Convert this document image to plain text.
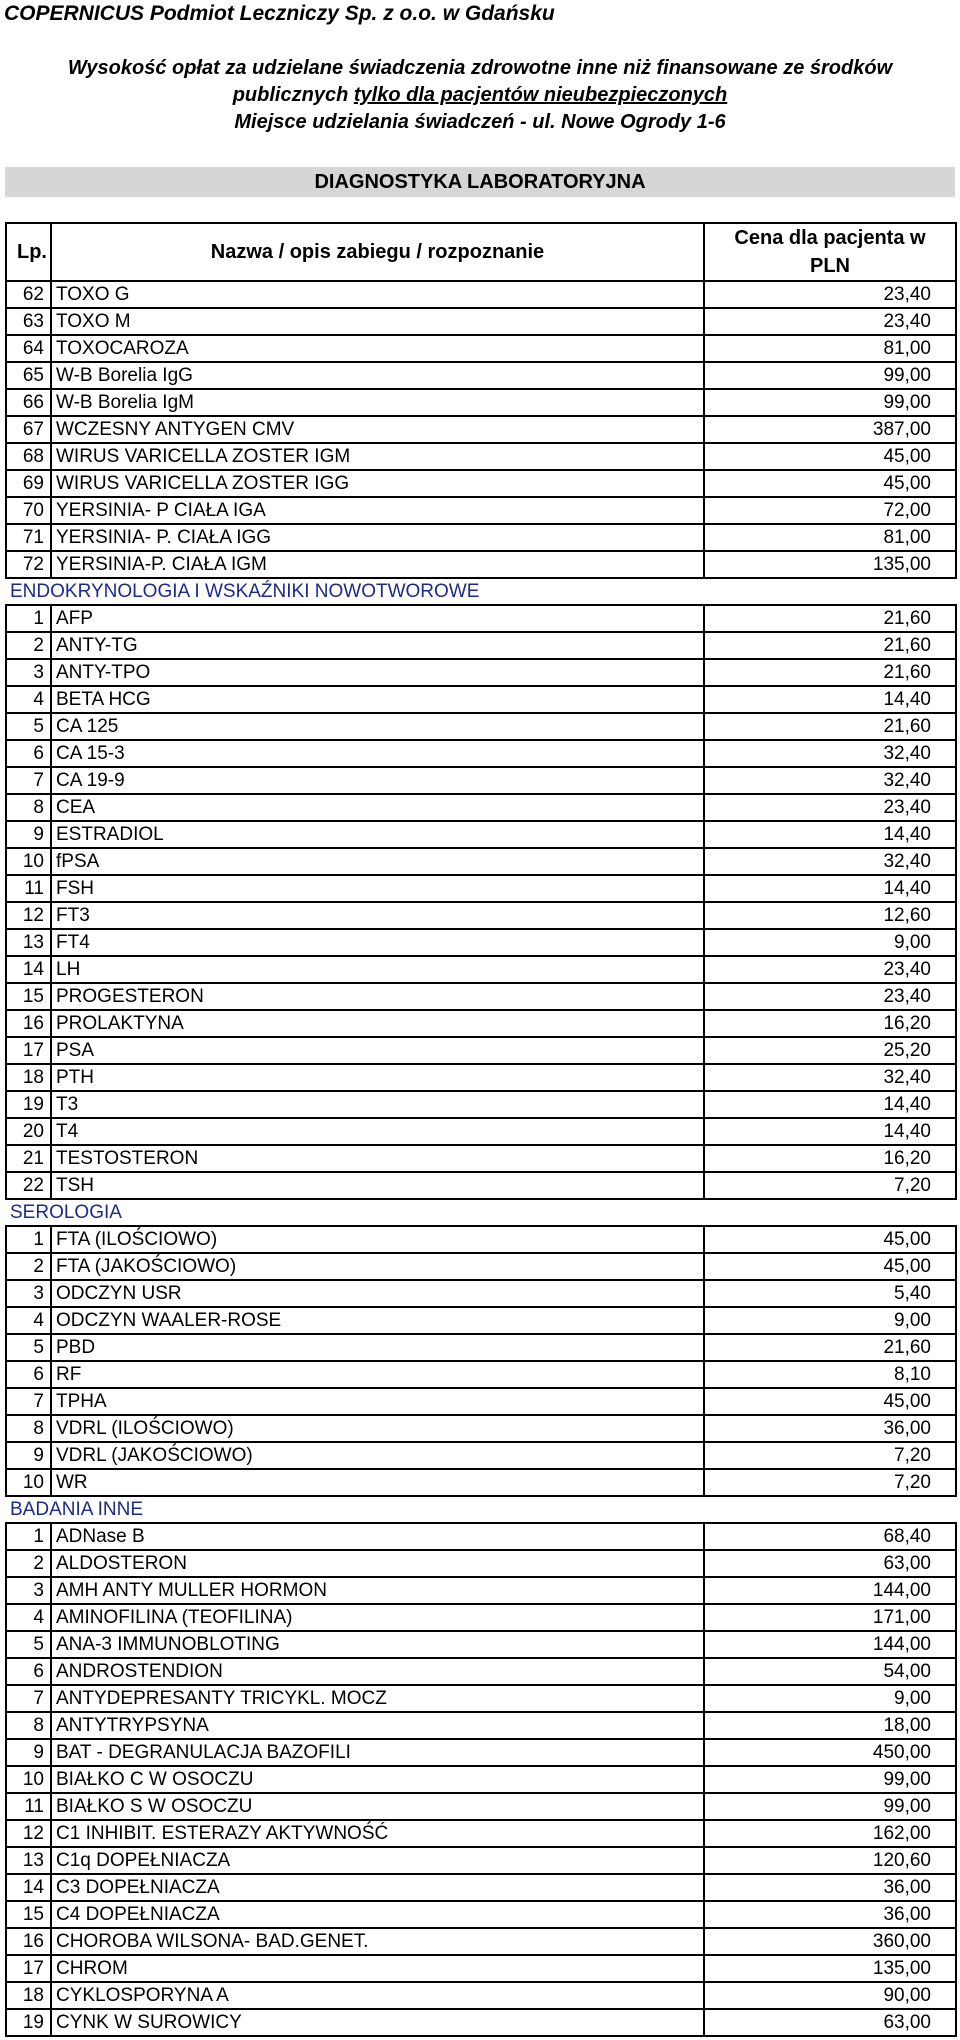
COPERNICUS Podmiot Leczniczy Sp. z o.o. w Gdańsku
Wysokość opłat za udzielane świadczenia zdrowotne inne niż finansowane ze środków
publicznych tylko dla pacjentów nieubezpieczonych
Miejsce udzielania świadczeń - ul. Nowe Ogrody 1-6
DIAGNOSTYKA LABORATORYJNA
Lp.	Nazwa / opis zabiegu / rozpoznanie	Cena dla pacjenta w
PLN
62	TOXO G	23,40
63	TOXO M	23,40
64	TOXOCAROZA	81,00
65	W-B Borelia IgG	99,00
66	W-B Borelia IgM	99,00
67	WCZESNY ANTYGEN CMV	387,00
68	WIRUS VARICELLA ZOSTER IGM	45,00
69	WIRUS VARICELLA ZOSTER IGG	45,00
70	YERSINIA- P CIAŁA IGA	72,00
71	YERSINIA- P. CIAŁA IGG	81,00
72	YERSINIA-P. CIAŁA IGM	135,00
ENDOKRYNOLOGIA I WSKAŹNIKI NOWOTWOROWE		
1	AFP	21,60
2	ANTY-TG	21,60
3	ANTY-TPO	21,60
4	BETA HCG	14,40
5	CA 125	21,60
6	CA 15-3	32,40
7	CA 19-9	32,40
8	CEA	23,40
9	ESTRADIOL	14,40
10	fPSA	32,40
11	FSH	14,40
12	FT3	12,60
13	FT4	9,00
14	LH	23,40
15	PROGESTERON	23,40
16	PROLAKTYNA	16,20
17	PSA	25,20
18	PTH	32,40
19	T3	14,40
20	T4	14,40
21	TESTOSTERON	16,20
22	TSH	7,20
SEROLOGIA		
1	FTA (ILOŚCIOWO)	45,00
2	FTA (JAKOŚCIOWO)	45,00
3	ODCZYN USR	5,40
4	ODCZYN WAALER-ROSE	9,00
5	PBD	21,60
6	RF	8,10
7	TPHA	45,00
8	VDRL (ILOŚCIOWO)	36,00
9	VDRL (JAKOŚCIOWO)	7,20
10	WR	7,20
BADANIA INNE		
1	ADNase B	68,40
2	ALDOSTERON	63,00
3	AMH ANTY MULLER HORMON	144,00
4	AMINOFILINA (TEOFILINA)	171,00
5	ANA-3 IMMUNOBLOTING	144,00
6	ANDROSTENDION	54,00
7	ANTYDEPRESANTY TRICYKL. MOCZ	9,00
8	ANTYTRYPSYNA	18,00
9	BAT - DEGRANULACJA BAZOFILI	450,00
10	BIAŁKO C W OSOCZU	99,00
11	BIAŁKO S W OSOCZU	99,00
12	C1 INHIBIT. ESTERAZY AKTYWNOŚĆ	162,00
13	C1q DOPEŁNIACZA	120,60
14	C3 DOPEŁNIACZA	36,00
15	C4 DOPEŁNIACZA	36,00
16	CHOROBA WILSONA- BAD.GENET.	360,00
17	CHROM	135,00
18	CYKLOSPORYNA A	90,00
19	CYNK W SUROWICY	63,00
